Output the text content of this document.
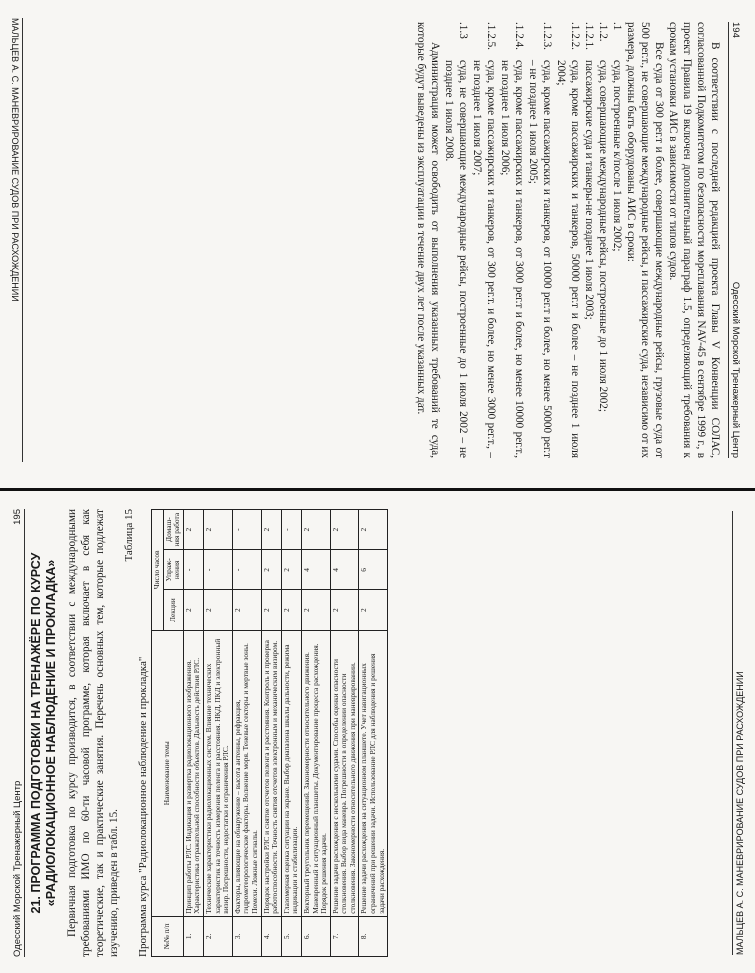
194
Одесский Морской Тренажерный Центр

В соответствии с последней редакцией проекта Главы V Конвенции СОЛАС, согласованной Подкомитетом по безопасности мореплавания NAV-45 в сентябре 1999 г., в проект Правила 19 включен дополнительный параграф 1.5, определяющий требования к срокам установки АИС в зависимости от типов судов.

Все суда от 300 рег.т и более, совершающие международные рейсы, грузовые суда от 500 рег.т., не совершающие международные рейсы, и пассажирские суда, независимо от их размера, должны быть оборудованы АИС в сроки:

.1
суда, построенные к/после 1 июля 2002;
.1.2.
суда, совершающие международные рейсы, построенные до 1 июля 2002;
.1.2.1.
пассажирские суда и танкеры-не позднее 1 июля 2003;
.1.2.2.
суда, кроме пассажирских и танкеров, 50000 рег.т и более – не позднее 1 июля 2004;
.1.2.3.
суда, кроме пассажирских и танкеров, от 10000 рег.т и более, но менее 50000 рег.т – не позднее 1 июля 2005;
.1.2.4.
суда, кроме пассажирских и танкеров, от 3000 рег.т и более, но менее 10000 рег.т., не позднее 1 июля 2006;
.1.2.5.
суда, кроме пассажирских и танкеров, от 300 рег.т. и более, но менее 3000 рег.т., – не позднее 1 июля 2007;
.1.3
суда, не совершающие международные рейсы, построенные до 1 июля 2002 – не позднее 1 июля 2008.

Администрация может освободить от выполнения указанных требований те суда, которые будут выведены из эксплуатации в течение двух лет после указанных дат.

МАЛЬЦЕВ А. С. МАНЕВРИРОВАНИЕ СУДОВ ПРИ РАСХОЖДЕНИИ
Одесский Морской Тренажерный Центр
195
21. ПРОГРАММА ПОДГОТОВКИ НА ТРЕНАЖЁРЕ ПО КУРСУ «РАДИОЛОКАЦИОННОЕ НАБЛЮДЕНИЕ И ПРОКЛАДКА» Первичная подготовка по курсу производится, в соответствии с международными требованиями ИМО по 60-ти часовой программе, которая включает в себя как теоретические, так и практические занятия. Перечень основных тем, которые подлежат изучению, приведен в табл. 15.

Таблица 15
Программа курса "Радиолокационное наблюдение и прокладка" №№ п/п	Наименование темы	Число часов		
		Лекции	Упраж-нения	Домаш-няя работа
1.	Принцип работы РЛС. Индикация и развертка радиолокационного изображения. Характеристика отражательной способности объектов. Дальность действия РЛС.	2	-	2
2.	Технические характеристики радиолокационных систем. Влияние технических характеристик на точность измерения пеленга и расстояния. НКД, ПКД и электронный визир. Погрешности, недостатки и ограничения РЛС.	2	-	2
3.	Факторы, влияющие на обнаружение – высота антенны, рефракция, гидрометеорологические факторы. Волнение моря. Теневые секторы и мертвые зоны. Помехи. Ложные сигналы.	2	-	-
4.	Порядок настройки РЛС и снятие отсчетов пеленга и расстояния. Контроль и проверка работоспособности. Точность снятия отсчетов электронным и механическим визиром.	2	2	2
5.	Глазомерная оценка ситуации на экране. Выбор диапазона шкалы дальности, режима индикации и стабилизации.	2	2	-
6.	Векторный треугольник перемещений. Закономерности относительного движения. Маневренный и ситуационный планшеты. Документирование процесса расхождения. Порядок решения задачи.	2	4	2
7.	Решение задачи расхождения с несколькими судами. Способы оценки опасности столкновения. Выбор вида маневра. Погрешности в определении опасности столкновения. Закономерности относительного движения при маневрировании.	2	4	2
8.	Решение задачи расхождения на ситуационном планшете. Учет навигационных ограничений при решении задачи. Использование РЛС для наблюдения и решения задачи расхождения.	2	6	2
МАЛЬЦЕВ А. С. МАНЕВРИРОВАНИЕ СУДОВ ПРИ РАСХОЖДЕНИИ
